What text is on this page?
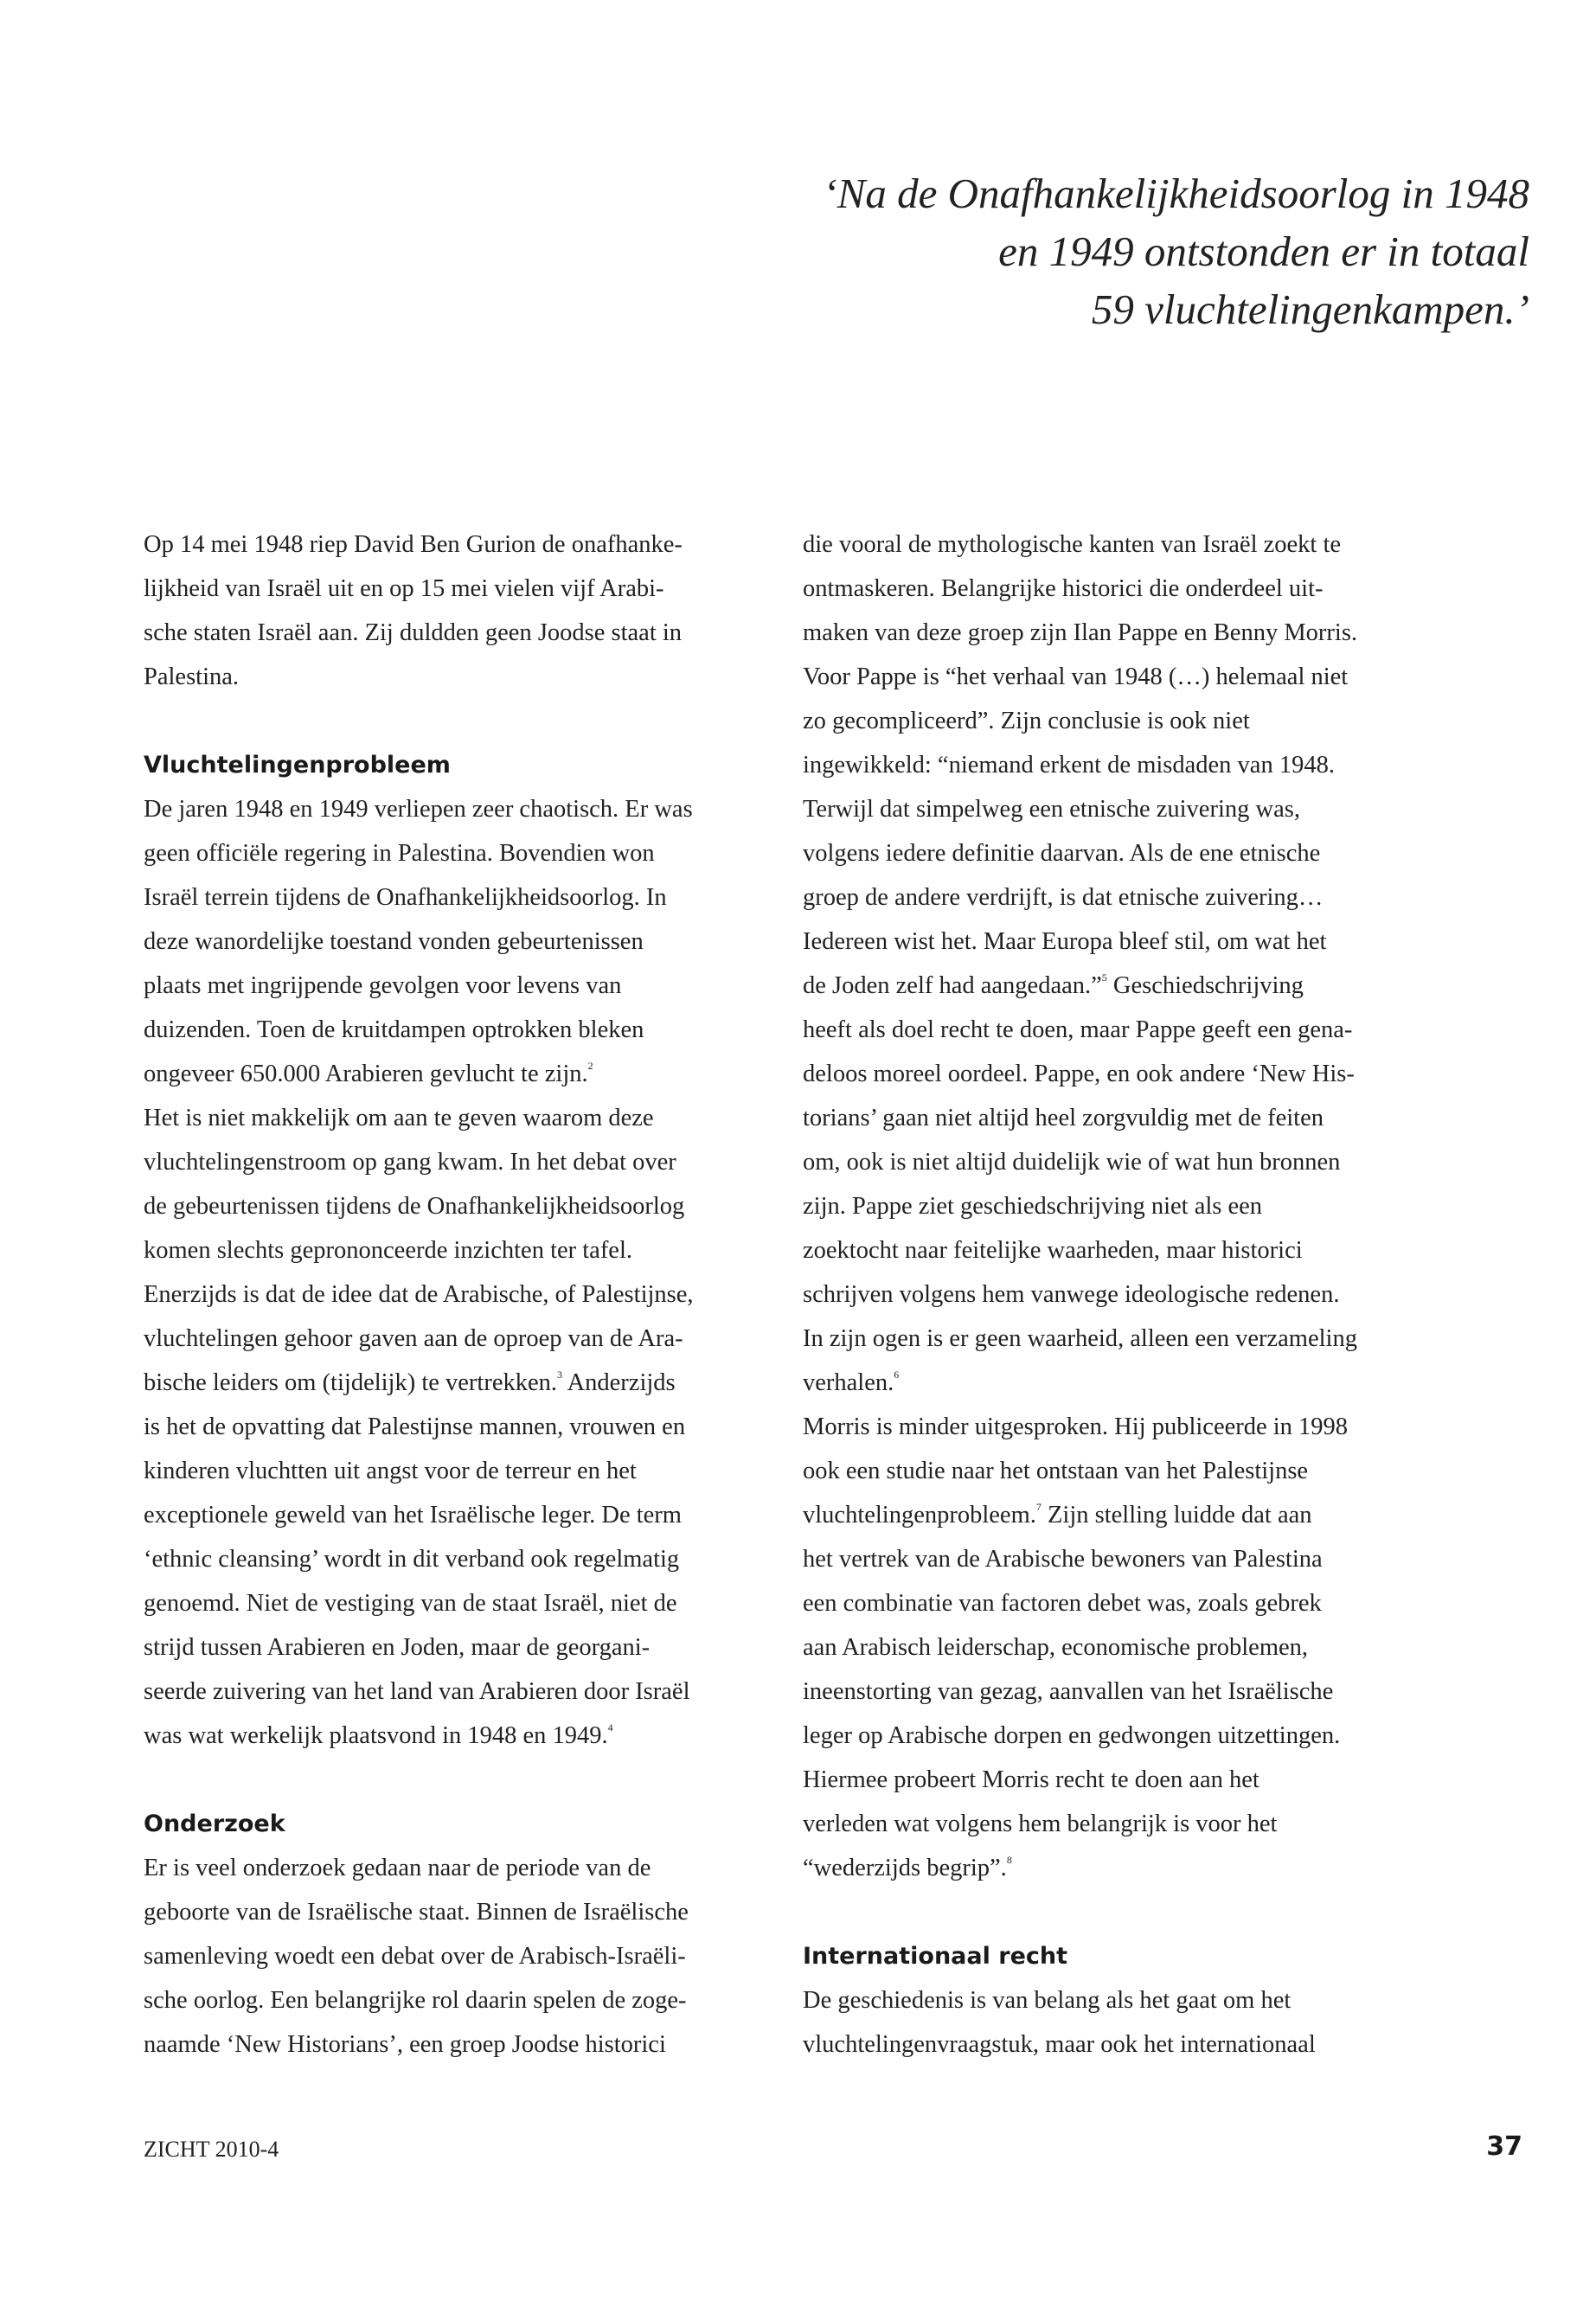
‘Na de Onafhankelijkheidsoorlog in 1948
en 1949 ontstonden er in totaal
59 vluchtelingenkampen.’
Op 14 mei 1948 riep David Ben Gurion de onafhanke-
lijkheid van Israël uit en op 15 mei vielen vijf Arabi-
sche staten Israël aan. Zij duldden geen Joodse staat in
Palestina.
Vluchtelingenprobleem
De jaren 1948 en 1949 verliepen zeer chaotisch. Er was
geen officiële regering in Palestina. Bovendien won
Israël terrein tijdens de Onafhankelijkheidsoorlog. In
deze wanordelijke toestand vonden gebeurtenissen
plaats met ingrijpende gevolgen voor levens van
duizenden. Toen de kruitdampen optrokken bleken
ongeveer 650.000 Arabieren gevlucht te zijn.$^2$
Het is niet makkelijk om aan te geven waarom deze
vluchtelingenstroom op gang kwam. In het debat over
de gebeurtenissen tijdens de Onafhankelijkheidsoorlog
komen slechts geprononceerde inzichten ter tafel.
Enerzijds is dat de idee dat de Arabische, of Palestijnse,
vluchtelingen gehoor gaven aan de oproep van de Ara-
bische leiders om (tijdelijk) te vertrekken.$^3$ Anderzijds
is het de opvatting dat Palestijnse mannen, vrouwen en
kinderen vluchtten uit angst voor de terreur en het
exceptionele geweld van het Israëlische leger. De term
‘ethnic cleansing’ wordt in dit verband ook regelmatig
genoemd. Niet de vestiging van de staat Israël, niet de
strijd tussen Arabieren en Joden, maar de georgani-
seerde zuivering van het land van Arabieren door Israël
was wat werkelijk plaatsvond in 1948 en 1949.$^4$
Onderzoek
Er is veel onderzoek gedaan naar de periode van de
geboorte van de Israëlische staat. Binnen de Israëlische
samenleving woedt een debat over de Arabisch-Israëli-
sche oorlog. Een belangrijke rol daarin spelen de zoge-
naamde ‘New Historians’, een groep Joodse historici
die vooral de mythologische kanten van Israël zoekt te
ontmaskeren. Belangrijke historici die onderdeel uit-
maken van deze groep zijn Ilan Pappe en Benny Morris.
Voor Pappe is “het verhaal van 1948 (…) helemaal niet
zo gecompliceerd”. Zijn conclusie is ook niet
ingewikkeld: “niemand erkent de misdaden van 1948.
Terwijl dat simpelweg een etnische zuivering was,
volgens iedere definitie daarvan. Als de ene etnische
groep de andere verdrijft, is dat etnische zuivering…
Iedereen wist het. Maar Europa bleef stil, om wat het
de Joden zelf had aangedaan.”$^5$ Geschiedschrijving
heeft als doel recht te doen, maar Pappe geeft een gena-
deloos moreel oordeel. Pappe, en ook andere ‘New His-
torians’ gaan niet altijd heel zorgvuldig met de feiten
om, ook is niet altijd duidelijk wie of wat hun bronnen
zijn. Pappe ziet geschiedschrijving niet als een
zoektocht naar feitelijke waarheden, maar historici
schrijven volgens hem vanwege ideologische redenen.
In zijn ogen is er geen waarheid, alleen een verzameling
verhalen.$^6$
Morris is minder uitgesproken. Hij publiceerde in 1998
ook een studie naar het ontstaan van het Palestijnse
vluchtelingenprobleem.$^7$ Zijn stelling luidde dat aan
het vertrek van de Arabische bewoners van Palestina
een combinatie van factoren debet was, zoals gebrek
aan Arabisch leiderschap, economische problemen,
ineenstorting van gezag, aanvallen van het Israëlische
leger op Arabische dorpen en gedwongen uitzettingen.
Hiermee probeert Morris recht te doen aan het
verleden wat volgens hem belangrijk is voor het
“wederzijds begrip”.$^8$
Internationaal recht
De geschiedenis is van belang als het gaat om het
vluchtelingenvraagstuk, maar ook het internationaal
ZICHT 2010-4	37
